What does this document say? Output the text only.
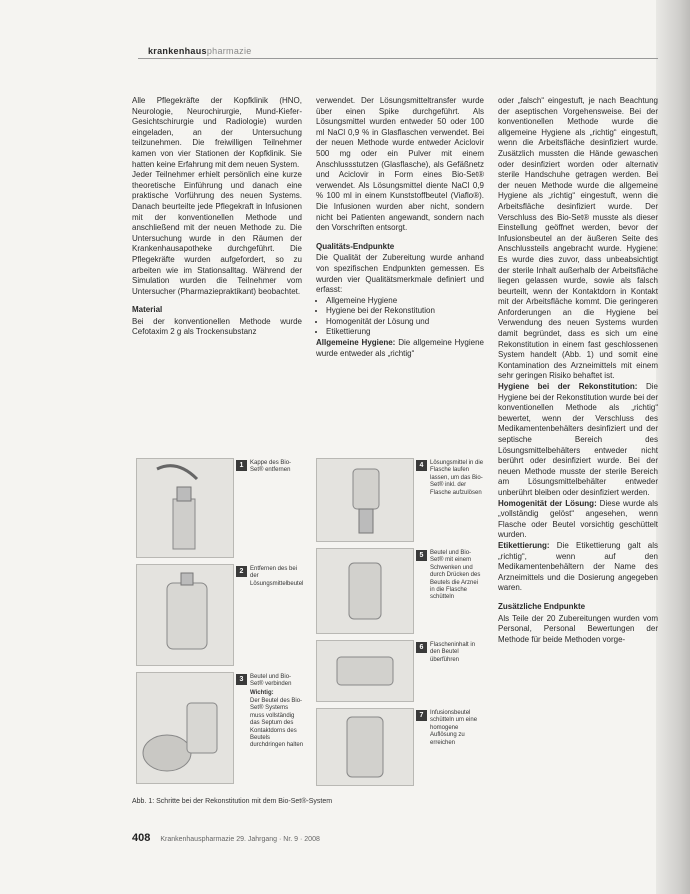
krankenhauspharmazie

Alle Pflegekräfte der Kopfklinik (HNO, Neurologie, Neurochirurgie, Mund-Kiefer-Gesichtschirurgie und Radiologie) wurden eingeladen, an der Untersuchung teilzunehmen. Die freiwilligen Teilnehmer kamen von vier Stationen der Kopfklinik. Sie hatten keine Erfahrung mit dem neuen System.

Jeder Teilnehmer erhielt persönlich eine kurze theoretische Einführung und danach eine praktische Vorführung des neuen Systems. Danach beurteilte jede Pflegekraft in Infusionen mit der konventionellen Methode und anschließend mit der neuen Methode zu. Die Untersuchung wurde in den Räumen der Krankenhausapotheke durchgeführt. Die Pflegekräfte wurden aufgefordert, so zu arbeiten wie im Stationsalltag. Während der Simulation wurden die Teilnehmer vom Untersucher (Pharmaziepraktikant) beobachtet.

Material

Bei der konventionellen Methode wurde Cefotaxim 2 g als Trockensubstanz

verwendet. Der Lösungsmitteltransfer wurde über einen Spike durchgeführt. Als Lösungsmittel wurden entweder 50 oder 100 ml NaCl 0,9 % in Glasflaschen verwendet. Bei der neuen Methode wurde entweder Aciclovir 500 mg oder ein Pulver mit einem Anschlussstutzen (Glasflasche), als Gefäßnetz und Aciclovir in Form eines Bio-Set® verwendet. Als Lösungsmittel diente NaCl 0,9 % 100 ml in einem Kunststoffbeutel (Viaflo®). Die Infusionen wurden aber nicht, sondern nicht bei Patienten angewandt, sondern nach den Vorschriften entsorgt.

Qualitäts-Endpunkte

Die Qualität der Zubereitung wurde anhand von spezifischen Endpunkten gemessen. Es wurden vier Qualitätsmerkmale definiert und erfasst:

• Allgemeine Hygiene
• Hygiene bei der Rekonstitution
• Homogenität der Lösung und
• Etikettierung

Allgemeine Hygiene: Die allgemeine Hygiene wurde entweder als „richtig“

oder „falsch“ eingestuft, je nach Beachtung der aseptischen Vorgehensweise. Bei der konventionellen Methode wurde die allgemeine Hygiene als „richtig“ eingestuft, wenn die Arbeitsfläche desinfiziert wurde. Zusätzlich mussten die Hände gewaschen oder desinfiziert worden oder alternativ sterile Handschuhe getragen werden. Bei der neuen Methode wurde die allgemeine Hygiene als „richtig“ eingestuft, wenn die Arbeitsfläche desinfiziert wurde. Der Verschluss des Bio-Set® musste als dieser Einstellung geöffnet werden, bevor der Infusionsbeutel an der äußeren Seite des Anschlussteils angebracht wurde. Hygiene: Es wurde dies zuvor, dass unbeabsichtigt der sterile Inhalt außerhalb der Arbeitsfläche liegen gelassen wurde, sowie als falsch beurteilt, wenn der Kontaktdorn in Kontakt mit der Arbeitsfläche kommt. Die geringeren Anforderungen an die Hygiene bei Verwendung des neuen Systems wurden damit begründet, dass es sich um eine Rekonstitution in einem fast geschlossenen System handelt (Abb. 1) und somit eine Kontamination des Arzneimittels mit einem sehr geringen Risiko behaftet ist.

Hygiene bei der Rekonstitution: Die Hygiene bei der Rekonstitution wurde bei der konventionellen Methode als „richtig“ bewertet, wenn der Verschluss des Medikamentenbehälters desinfiziert und der septische Bereich des Lösungsmittelbehälters entweder nicht berührt oder desinfiziert wurde. Bei der neuen Methode musste der sterile Bereich am Lösungsmittelbehälter entweder unberührt bleiben oder desinfiziert werden.

Homogenität der Lösung: Diese wurde als „vollständig gelöst“ angesehen, wenn Flasche oder Beutel vorsichtig geschüttelt wurden.

Etikettierung: Die Etikettierung galt als „richtig“, wenn auf den Medikamentenbehältern der Name des Arzneimittels und die Dosierung angegeben waren.

Zusätzliche Endpunkte

Als Teile der 20 Zubereitungen wurden vom Personal, Personal Bewertungen der Methode für beide Methoden vorge-

1	Kappe des Bio-Set® entfernen
2	Entfernen des bei der Lösungsmittelbeutel
3	Beutel und Bio-Set® verbinden
Wichtig:
Der Beutel des Bio-Set® Systems muss vollständig das Septum des Kontaktdorns des Beutels durchdringen halten
4	Lösungsmittel in die Flasche laufen lassen, um das Bio-Set® inkl. der Flasche aufzulösen
5	Beutel und Bio-Set® mit einem Schwenken und durch Drücken des Beutels die Arznei in die Flasche schütteln
6	Flascheninhalt in den Beutel überführen
7	Infusionsbeutel schütteln um eine homogene Auflösung zu erreichen
Abb. 1: Schritte bei der Rekonstitution mit dem Bio-Set®-System
408 Krankenhauspharmazie 29. Jahrgang · Nr. 9 · 2008
